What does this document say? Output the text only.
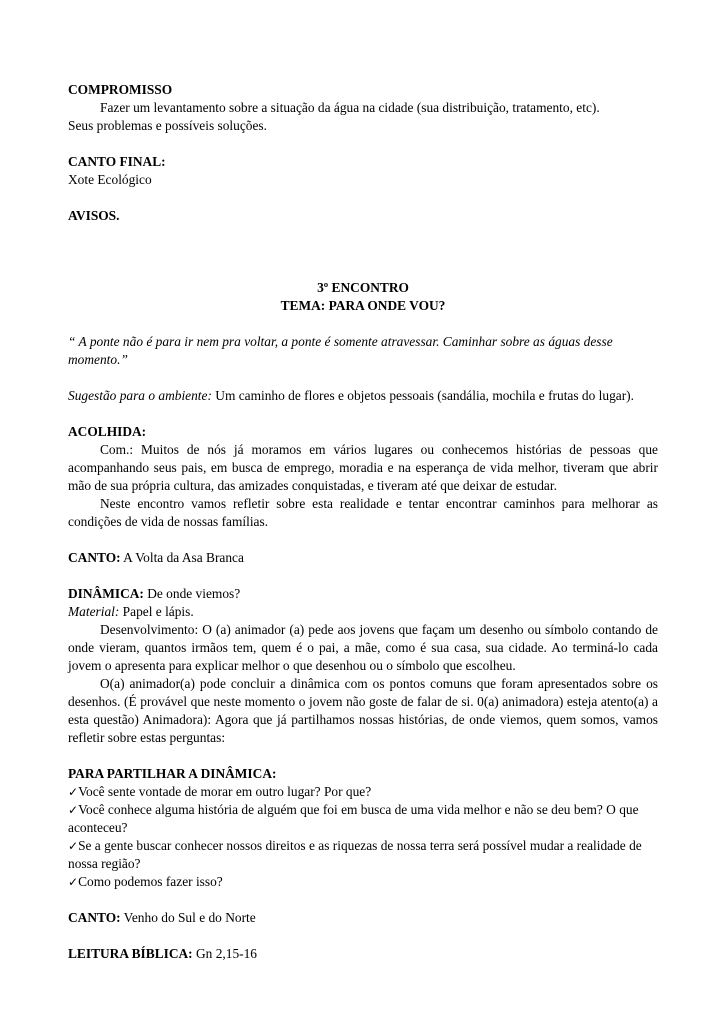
COMPROMISSO

Fazer um levantamento sobre a situação da água na cidade (sua distribuição, tratamento, etc).

Seus problemas e possíveis soluções.

CANTO FINAL:

Xote Ecológico

AVISOS.

3º ENCONTRO

TEMA: PARA ONDE VOU?

“ A ponte não é para ir nem pra voltar, a ponte é somente atravessar. Caminhar sobre as águas desse momento.”

Sugestão para o ambiente: Um caminho de flores e objetos pessoais (sandália, mochila e frutas do lugar).

ACOLHIDA:

Com.: Muitos de nós já moramos em vários lugares ou conhecemos histórias de pessoas que acompanhando seus pais, em busca de emprego, moradia e na esperança de vida melhor, tiveram que abrir mão de sua própria cultura, das amizades conquistadas, e tiveram até que deixar de estudar.

Neste encontro vamos refletir sobre esta realidade e tentar encontrar caminhos para melhorar as condições de vida de nossas famílias.

CANTO: A Volta da Asa Branca

DINÂMICA: De onde viemos?

Material: Papel e lápis.

Desenvolvimento: O (a) animador (a) pede aos jovens que façam um desenho ou símbolo contando de onde vieram, quantos irmãos tem, quem é o pai, a mãe, como é sua casa, sua cidade. Ao terminá-lo cada jovem o apresenta para explicar melhor o que desenhou ou o símbolo que escolheu.

O(a) animador(a) pode concluir a dinâmica com os pontos comuns que foram apresentados sobre os desenhos. (É provável que neste momento o jovem não goste de falar de si. 0(a) animadora) esteja atento(a) a esta questão) Animadora): Agora que já partilhamos nossas histórias, de onde viemos, quem somos, vamos refletir sobre estas perguntas:

PARA PARTILHAR A DINÂMICA:

✓Você sente vontade de morar em outro lugar? Por que?

✓Você conhece alguma história de alguém que foi em busca de uma vida melhor e não se deu bem? O que aconteceu?

✓Se a gente buscar conhecer nossos direitos e as riquezas de nossa terra será possível mudar a realidade de nossa região?

✓Como podemos fazer isso?

CANTO: Venho do Sul e do Norte

LEITURA BÍBLICA: Gn 2,15-16
